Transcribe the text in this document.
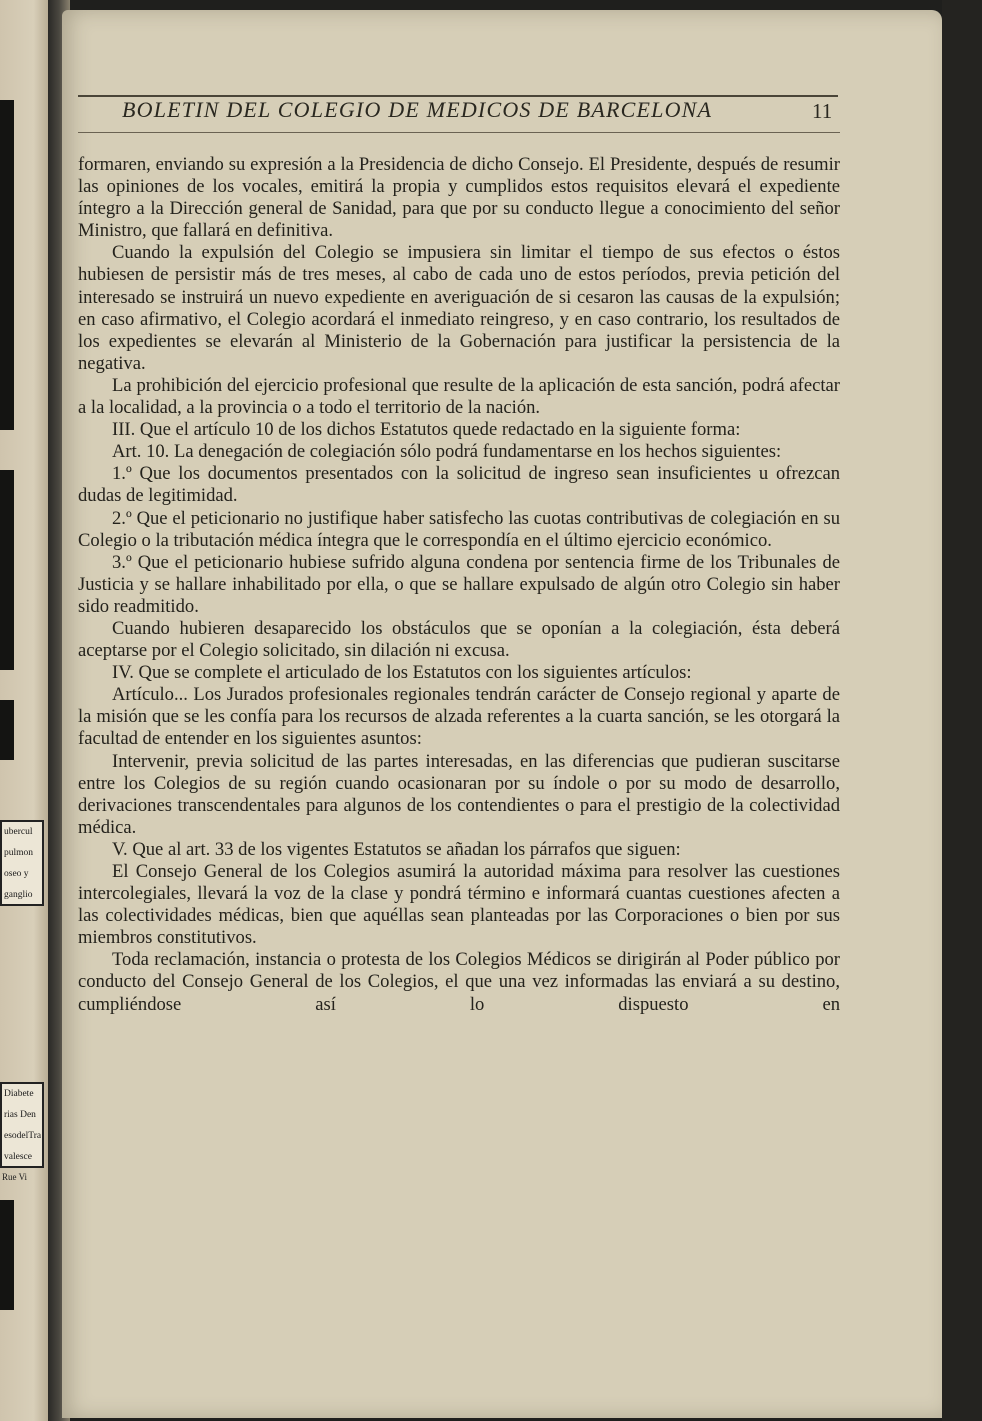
ubercul
pulmon
oseo y
ganglio
Diabete
rias Den
esodelTra
valesce
Rue Vi
BOLETIN DEL COLEGIO DE MEDICOS DE BARCELONA	11

formaren, enviando su expresión a la Presidencia de dicho Consejo. El Presidente, después de resumir las opiniones de los vocales, emitirá la propia y cumplidos estos requisitos elevará el expediente íntegro a la Dirección general de Sanidad, para que por su conducto llegue a conocimiento del señor Ministro, que fallará en definitiva.

Cuando la expulsión del Colegio se impusiera sin limitar el tiempo de sus efectos o éstos hubiesen de persistir más de tres meses, al cabo de cada uno de estos períodos, previa petición del interesado se instruirá un nuevo expediente en averiguación de si cesaron las causas de la expulsión; en caso afirmativo, el Colegio acordará el inmediato reingreso, y en caso contrario, los resultados de los expedientes se elevarán al Ministerio de la Gobernación para justificar la persistencia de la negativa.

La prohibición del ejercicio profesional que resulte de la aplicación de esta sanción, podrá afectar a la localidad, a la provincia o a todo el territorio de la nación.

III. Que el artículo 10 de los dichos Estatutos quede redactado en la siguiente forma:

Art. 10. La denegación de colegiación sólo podrá fundamentarse en los hechos siguientes:

1.º Que los documentos presentados con la solicitud de ingreso sean insuficientes u ofrezcan dudas de legitimidad.

2.º Que el peticionario no justifique haber satisfecho las cuotas contributivas de colegiación en su Colegio o la tributación médica íntegra que le correspondía en el último ejercicio económico.

3.º Que el peticionario hubiese sufrido alguna condena por sentencia firme de los Tribunales de Justicia y se hallare inhabilitado por ella, o que se hallare expulsado de algún otro Colegio sin haber sido readmitido.

Cuando hubieren desaparecido los obstáculos que se oponían a la colegiación, ésta deberá aceptarse por el Colegio solicitado, sin dilación ni excusa.

IV. Que se complete el articulado de los Estatutos con los siguientes artículos:

Artículo... Los Jurados profesionales regionales tendrán carácter de Consejo regional y aparte de la misión que se les confía para los recursos de alzada referentes a la cuarta sanción, se les otorgará la facultad de entender en los siguientes asuntos:

Intervenir, previa solicitud de las partes interesadas, en las diferencias que pudieran suscitarse entre los Colegios de su región cuando ocasionaran por su índole o por su modo de desarrollo, derivaciones transcendentales para algunos de los contendientes o para el prestigio de la colectividad médica.

V. Que al art. 33 de los vigentes Estatutos se añadan los párrafos que siguen:

El Consejo General de los Colegios asumirá la autoridad máxima para resolver las cuestiones intercolegiales, llevará la voz de la clase y pondrá término e informará cuantas cuestiones afecten a las colectividades médicas, bien que aquéllas sean planteadas por las Corporaciones o bien por sus miembros constitutivos.

Toda reclamación, instancia o protesta de los Colegios Médicos se dirigirán al Poder público por conducto del Consejo General de los Colegios, el que una vez informadas las enviará a su destino, cumpliéndose así lo dispuesto en
